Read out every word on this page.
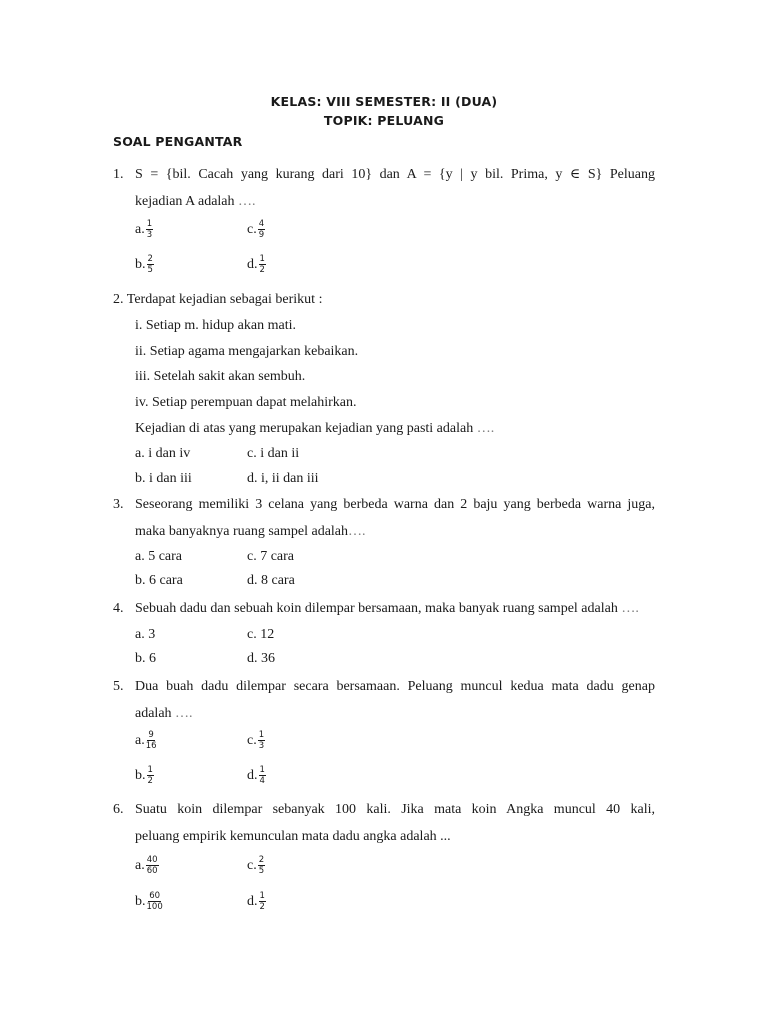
KELAS: VIII SEMESTER: II (DUA)
TOPIK: PELUANG
SOAL PENGANTAR
1. S = {bil. Cacah yang kurang dari 10} dan A = {y | y bil. Prima, y ∈ S} Peluang
kejadian A adalah ….
a. $\frac{1}{3}$	c. $\frac{4}{9}$
b. $\frac{2}{5}$	d. $\frac{1}{2}$
2. Terdapat kejadian sebagai berikut :
i. Setiap m. hidup akan mati.
ii. Setiap agama mengajarkan kebaikan.
iii. Setelah sakit akan sembuh.
iv. Setiap perempuan dapat melahirkan.
Kejadian di atas yang merupakan kejadian yang pasti adalah ….
a. i dan iv	c. i dan ii
b. i dan iii	d. i, ii dan iii
3. Seseorang memiliki 3 celana yang berbeda warna dan 2 baju yang berbeda warna juga,
maka banyaknya ruang sampel adalah….
a. 5 cara	c. 7 cara
b. 6 cara	d. 8 cara
4. Sebuah dadu dan sebuah koin dilempar bersamaan, maka banyak ruang sampel adalah ….
a. 3	c. 12
b. 6	d. 36
5. Dua buah dadu dilempar secara bersamaan. Peluang muncul kedua mata dadu genap
adalah ….
a. $\frac{9}{16}$	c. $\frac{1}{3}$
b. $\frac{1}{2}$	d. $\frac{1}{4}$
6. Suatu koin dilempar sebanyak 100 kali. Jika mata koin Angka muncul 40 kali,
peluang empirik kemunculan mata dadu angka adalah ...
a. $\frac{40}{60}$	c. $\frac{2}{5}$
b. $\frac{60}{100}$	d. $\frac{1}{2}$
